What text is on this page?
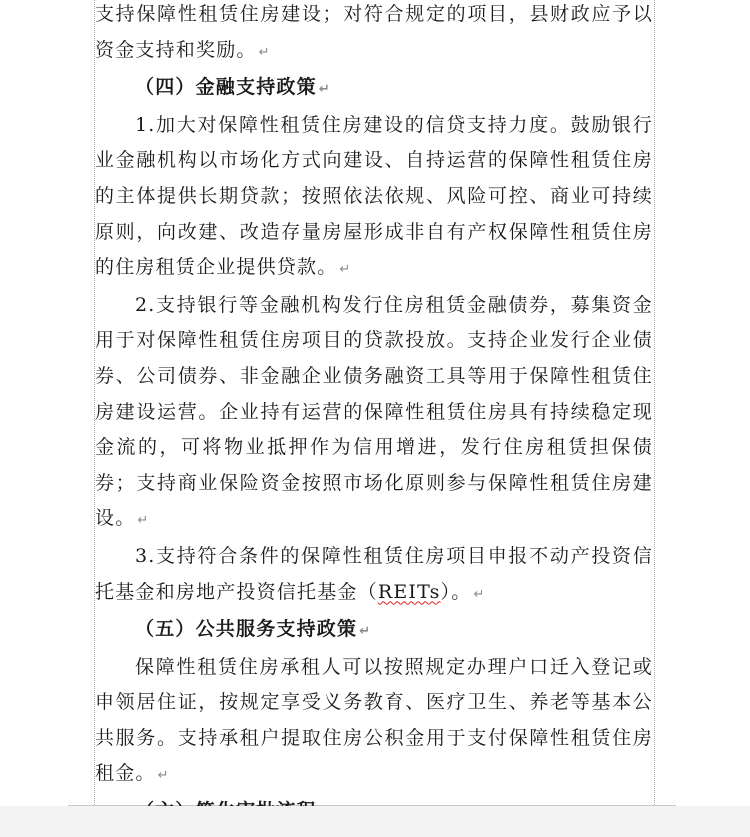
支持保障性租赁住房建设；对符合规定的项目，县财政应予以资金支持和奖励。 ↵

（四）金融支持政策 ↵

1.加大对保障性租赁住房建设的信贷支持力度。鼓励银行业金融机构以市场化方式向建设、自持运营的保障性租赁住房的主体提供长期贷款；按照依法依规、风险可控、商业可持续原则，向改建、改造存量房屋形成非自有产权保障性租赁住房的住房租赁企业提供贷款。 ↵

2.支持银行等金融机构发行住房租赁金融债券，募集资金用于对保障性租赁住房项目的贷款投放。支持企业发行企业债券、公司债券、非金融企业债务融资工具等用于保障性租赁住房建设运营。企业持有运营的保障性租赁住房具有持续稳定现金流的，可将物业抵押作为信用增进，发行住房租赁担保债券；支持商业保险资金按照市场化原则参与保障性租赁住房建设。 ↵

3.支持符合条件的保障性租赁住房项目申报不动产投资信托基金和房地产投资信托基金（REITs）。 ↵

（五）公共服务支持政策 ↵

保障性租赁住房承租人可以按照规定办理户口迁入登记或申领居住证，按规定享受义务教育、医疗卫生、养老等基本公共服务。支持承租户提取住房公积金用于支付保障性租赁住房租金。 ↵
